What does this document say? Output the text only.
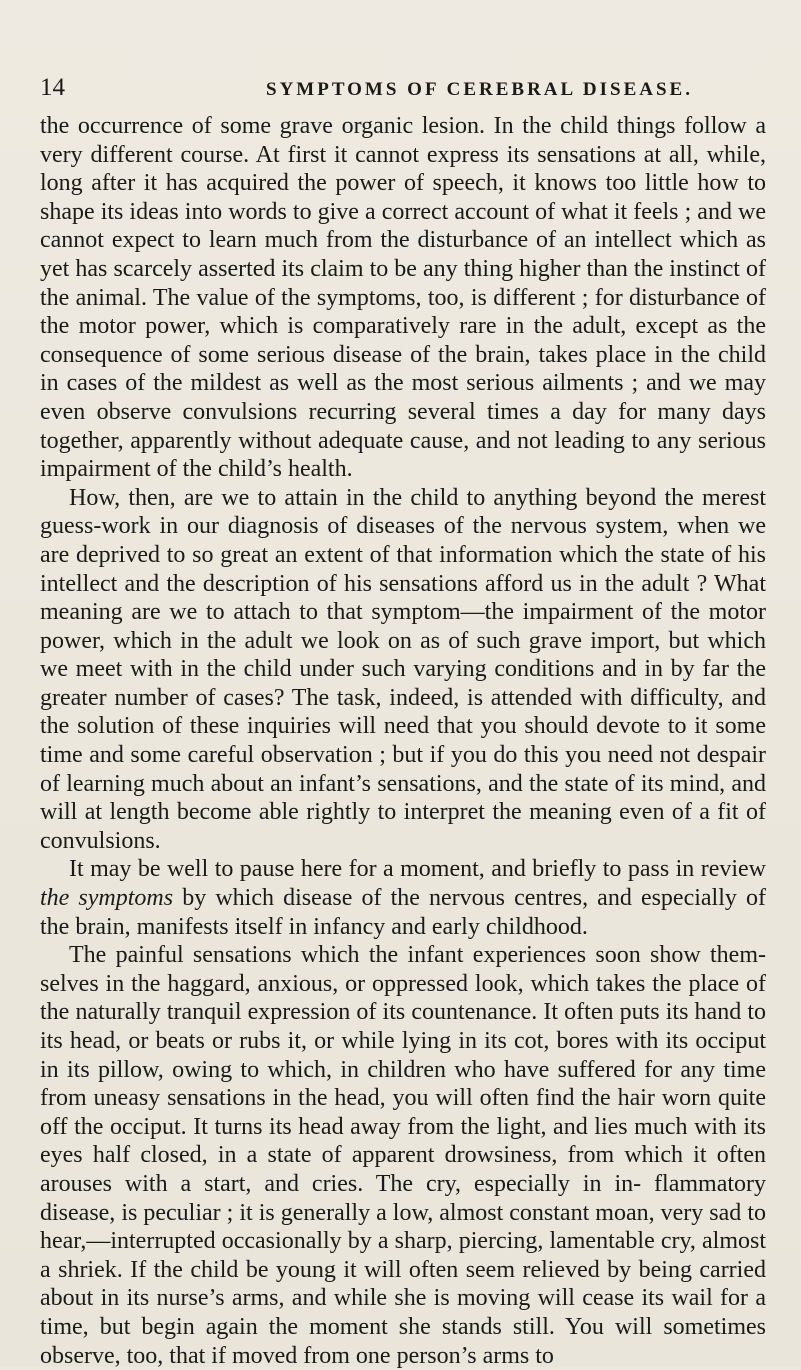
14	SYMPTOMS OF CEREBRAL DISEASE.

the occurrence of some grave organic lesion. In the child things follow a very different course. At first it cannot express its sensations at all, while, long after it has acquired the power of speech, it knows too little how to shape its ideas into words to give a correct account of what it feels ; and we cannot expect to learn much from the disturbance of an intellect which as yet has scarcely asserted its claim to be any thing higher than the instinct of the animal. The value of the symptoms, too, is different ; for disturbance of the motor power, which is comparatively rare in the adult, except as the consequence of some serious disease of the brain, takes place in the child in cases of the mildest as well as the most serious ailments ; and we may even observe convulsions recurring several times a day for many days together, apparently without adequate cause, and not leading to any serious impairment of the child’s health.

How, then, are we to attain in the child to anything beyond the merest guess-work in our diagnosis of diseases of the nervous system, when we are deprived to so great an extent of that information which the state of his intellect and the description of his sensations afford us in the adult ? What meaning are we to attach to that symptom—the impairment of the motor power, which in the adult we look on as of such grave import, but which we meet with in the child under such varying conditions and in by far the greater number of cases? The task, indeed, is attended with difficulty, and the solution of these inquiries will need that you should devote to it some time and some careful observation ; but if you do this you need not despair of learning much about an infant’s sensations, and the state of its mind, and will at length become able rightly to interpret the meaning even of a fit of convulsions.

It may be well to pause here for a moment, and briefly to pass in review the symptoms by which disease of the nervous centres, and especially of the brain, manifests itself in infancy and early childhood.

The painful sensations which the infant experiences soon show them- selves in the haggard, anxious, or oppressed look, which takes the place of the naturally tranquil expression of its countenance. It often puts its hand to its head, or beats or rubs it, or while lying in its cot, bores with its occiput in its pillow, owing to which, in children who have suffered for any time from uneasy sensations in the head, you will often find the hair worn quite off the occiput. It turns its head away from the light, and lies much with its eyes half closed, in a state of apparent drowsiness, from which it often arouses with a start, and cries. The cry, especially in in- flammatory disease, is peculiar ; it is generally a low, almost constant moan, very sad to hear,—interrupted occasionally by a sharp, piercing, lamentable cry, almost a shriek. If the child be young it will often seem relieved by being carried about in its nurse’s arms, and while she is moving will cease its wail for a time, but begin again the moment she stands still. You will sometimes observe, too, that if moved from one person’s arms to
